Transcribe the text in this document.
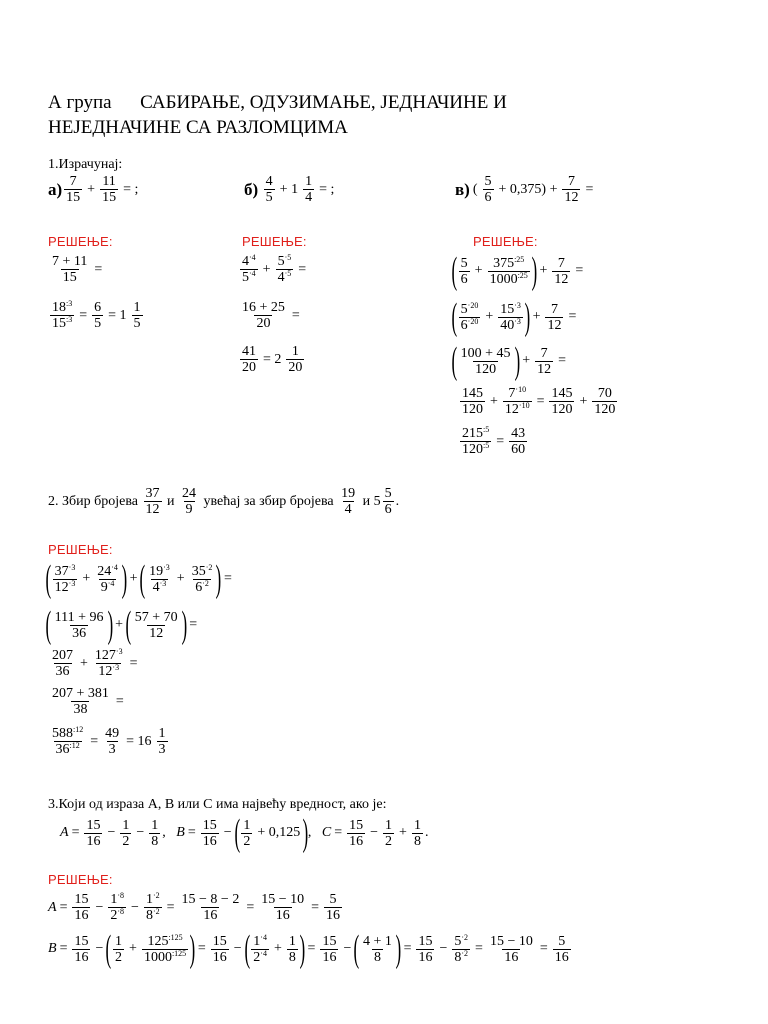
А група      САБИРАЊЕ, ОДУЗИМАЊЕ, ЈЕДНАЧИНЕ И
НЕЈЕДНАЧИНЕ СА РАЗЛОМЦИМА
1.Израчунај:
а) 7
15
+ $\frac{11}{15}$ = ;	б)
4
5
+ $1 \frac{1}{4}$ = ;	в) ( 5
6
+ $0,375) + \frac{7}{12}$ =
РЕШЕЊЕ:	РЕШЕЊЕ:	РЕШЕЊЕ:
$\frac{7 + 11}{15}$ =
$\frac{18^{:3}}{15^{:3}} = \frac{6}{5} = 1$ 1
5
$4^{\cdot 4}$
$5^{\cdot 4} + \frac{5^{\cdot 5}}{4^{\cdot 5}}$ =
$\frac{16 + 25}{20}$ =
$\frac{41}{20} = 2$ 1
20
( 5
6
+ $\frac{375^{:25}}{1000^{:25}}$ ) + $\frac{7}{12}$ =
( $5^{\cdot 20}$
$6^{\cdot 20} + \frac{15^{\cdot 3}}{40^{\cdot 3}}$ ) + $\frac{7}{12}$ =
( 100 + 45
120 ) + $\frac{7}{12}$ =
145
120
+ $\frac{7^{\cdot 10}}{12^{\cdot 10}} = \frac{145}{120} + \frac{70}{120}$
$\frac{215^{:5}}{120^{:5}} = \frac{43}{60}$
2. Збир бројева
37
12

и
24
9

увећај за збир бројева
19
4

и 5 5
6
.
РЕШЕЊЕ:
( $37^{\cdot 3}$
$12^{\cdot 3} + \frac{24^{\cdot 4}}{9^{\cdot 4}}$ ) + ( $19^{\cdot 3}$
$4^{\cdot 3} + \frac{35^{\cdot 2}}{6^{\cdot 2}}$ ) =
( 111 + 96
36 ) + ( 57 + 70
12 ) =
207
36
+ $\frac{127^{\cdot 3}}{12^{\cdot 3}}$ =
$\frac{207 + 381}{38}$ =
$\frac{588^{:12}}{36^{:12}} = \frac{49}{3} = 16$ 1
3
3.Који од израза A, B или C има највећу вредност, ако је:
$A = \frac{15}{16} - \frac{1}{2} - \frac{1}{8}$ , $B = \frac{15}{16}$ − ( 1
2
+ 0,125 ) , $C = \frac{15}{16} - \frac{1}{2} + \frac{1}{8}$ .
РЕШЕЊЕ:
$A = \frac{15}{16} - \frac{1^{\cdot 8}}{2^{\cdot 8}} - \frac{1^{\cdot 2}}{8^{\cdot 2}} = \frac{15 - 8 - 2}{16} = \frac{15 - 10}{16} = \frac{5}{16}$
$B = \frac{15}{16}$ − ( 1
2
+ $\frac{125^{:125}}{1000^{:125}}$ ) = $\frac{15}{16}$ − ( $1^{\cdot 4}$
$2^{\cdot 4} + \frac{1}{8}$ ) = $\frac{15}{16}$ − ( 4 + 1
8 ) = $\frac{15}{16} - \frac{5^{\cdot 2}}{8^{\cdot 2}} = \frac{15 - 10}{16} = \frac{5}{16}$
